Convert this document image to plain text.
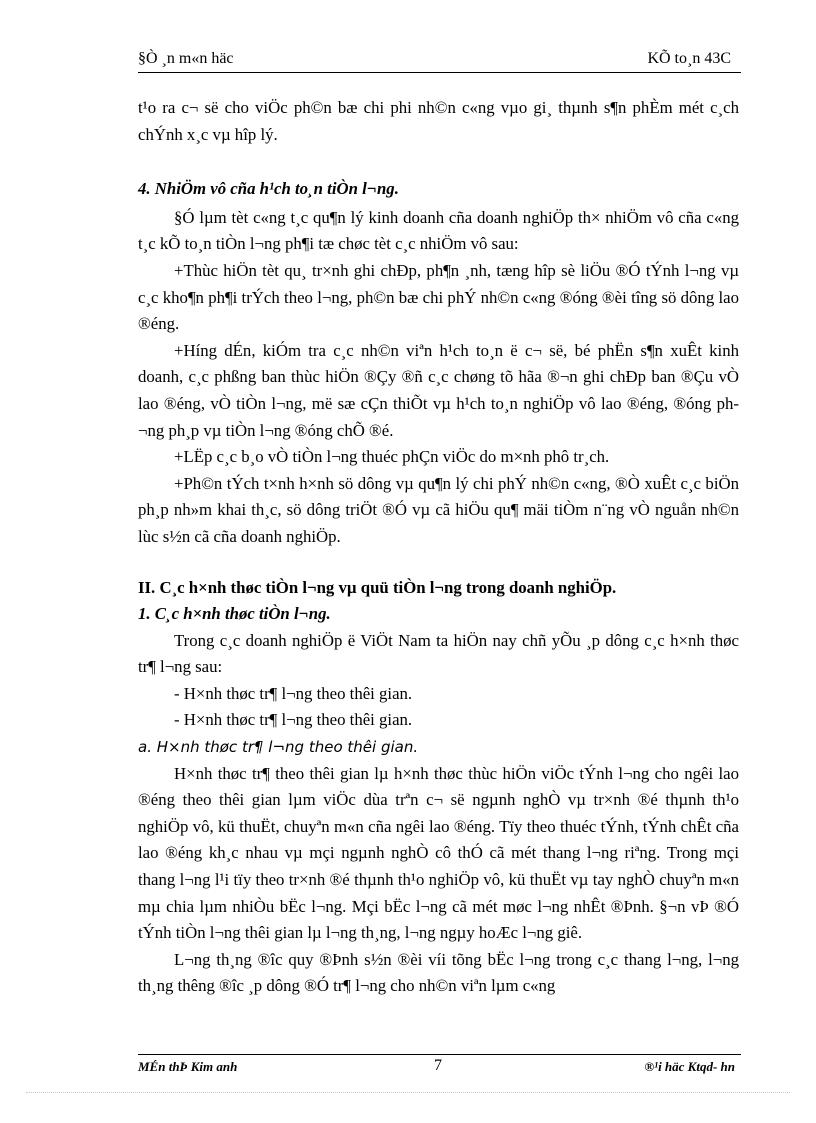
§Ò ¸n m«n häc	KÕ to¸n 43C

t¹o ra c¬ së cho viÖc ph©n bæ chi phi nh©n c«ng vµo gi¸ thµnh s¶n phÈm mét c¸ch chÝnh x¸c vµ hîp lý.

4. NhiÖm vô cña h¹ch to¸n tiÒn l¬ng.

§Ó lµm tèt c«ng t¸c qu¶n lý kinh doanh cña doanh nghiÖp th× nhiÖm vô cña c«ng t¸c kÕ to¸n tiÒn l¬ng ph¶i tæ chøc tèt c¸c nhiÖm vô sau:

+Thùc hiÖn tèt qu¸ tr×nh ghi chÐp, ph¶n ¸nh, tæng hîp sè liÖu ®Ó tÝnh l¬ng vµ c¸c kho¶n ph¶i trÝch theo l¬ng, ph©n bæ chi phÝ nh©n c«ng ®óng ®èi tîng sö dông lao ®éng.

+Híng dÉn, kiÓm tra c¸c nh©n viªn h¹ch to¸n ë c¬ së, bé phËn s¶n xuÊt kinh doanh, c¸c phßng ban thùc hiÖn ®Çy ®ñ c¸c chøng tõ hãa ®¬n ghi chÐp ban ®Çu vÒ lao ®éng, vÒ tiÒn l¬ng, më sæ cÇn thiÕt vµ h¹ch to¸n nghiÖp vô lao ®éng, ®óng ph¬ng ph¸p vµ tiÒn l¬ng ®óng chÕ ®é.

+LËp c¸c b¸o vÒ tiÒn l¬ng thuéc phÇn viÖc do m×nh phô tr¸ch.

+Ph©n tÝch t×nh h×nh sö dông vµ qu¶n lý chi phÝ nh©n c«ng, ®Ò xuÊt c¸c biÖn ph¸p nh»m khai th¸c, sö dông triÖt ®Ó vµ cã hiÖu qu¶ mäi tiÒm n¨ng vÒ nguån nh©n lùc s½n cã cña doanh nghiÖp.

II. C¸c h×nh thøc tiÒn l¬ng vµ quü tiÒn l¬ng trong doanh nghiÖp.

1. C¸c h×nh thøc tiÒn l¬ng.

Trong c¸c doanh nghiÖp ë ViÖt Nam ta hiÖn nay chñ yÕu ¸p dông c¸c h×nh thøc tr¶ l¬ng sau:

- H×nh thøc tr¶ l¬ng theo thêi gian.

- H×nh thøc tr¶ l¬ng theo thêi gian.

a. H×nh thøc tr¶ l¬ng theo thêi gian.

H×nh thøc tr¶ theo thêi gian lµ h×nh thøc thùc hiÖn viÖc tÝnh l¬ng cho ngêi lao ®éng theo thêi gian lµm viÖc dùa trªn c¬ së ngµnh nghÒ vµ tr×nh ®é thµnh th¹o nghiÖp vô, kü thuËt, chuyªn m«n cña ngêi lao ®éng. Tïy theo thuéc tÝnh, tÝnh chÊt cña lao ®éng kh¸c nhau vµ mçi ngµnh nghÒ cô thÓ cã mét thang l¬ng riªng. Trong mçi thang l¬ng l¹i tïy theo tr×nh ®é thµnh th¹o nghiÖp vô, kü thuËt vµ tay nghÒ chuyªn m«n mµ chia lµm nhiÒu bËc l¬ng. Mçi bËc l¬ng cã mét møc l¬ng nhÊt ®Þnh. §¬n vÞ ®Ó tÝnh tiÒn l¬ng thêi gian lµ l¬ng th¸ng, l¬ng ngµy hoÆc l¬ng giê.

L¬ng th¸ng ®îc quy ®Þnh s½n ®èi víi tõng bËc l¬ng trong c¸c thang l¬ng, l¬ng th¸ng thêng ®îc ¸p dông ®Ó tr¶ l¬ng cho nh©n viªn lµm c«ng

MÉn thÞ Kim anh	7	®¹i häc Ktqd- hn
